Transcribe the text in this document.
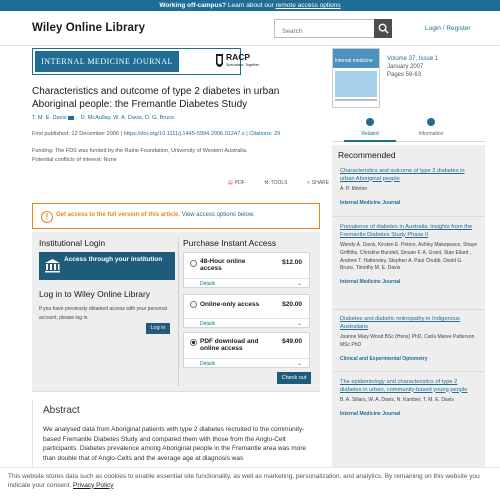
Working off-campus? Learn about our remote access options
Wiley Online Library
Search	Login / Register
INTERNAL MEDICINE JOURNAL	RACP
Specialists. Together
Characteristics and outcome of type 2 diabetes in urban Aboriginal people: the Fremantle Diabetes Study
T. M. E. Davis , D. McAullay, W. A. Davis, D. G. Bruce
First published: 12 December 2006 | https://doi.org/10.1111/j.1445-5994.2006.01247.x | Citations: 29
Funding: The FDS was funded by the Raine Foundation, University of Western Australia.
Potential conflicts of interest: None
▤ PDF	⚒ TOOLS	< SHARE
!	Get access to the full version of this article. View access options below.
Institutional Login
Access through your institution
Log in to Wiley Online Library
If you have previously obtained access with your personal account, please log in.
Log in
Purchase Instant Access
48-Hour online access
$12.00
Details	⌄
Online-only access	$20.00
Details	⌄
PDF download and online access
$49.00
Details	⌄
Check out
Abstract

We analysed data from Aboriginal patients with type 2 diabetes recruited to the community-based Fremantle Diabetes Study and compared them with those from the Anglo-Celt participants. Diabetes prevalence among Aboriginal people in the Fremantle area was more than double that of Anglo-Celts and the average age at diagnosis was

internal medicine Volume 37, Issue 1
January 2007
Pages 59-63
Related	Information
Recommended
Characteristics and outcome of type 2 diabetes in urban Aboriginal people
A. P. Morton
Internal Medicine Journal
Prevalence of diabetes in Australia: insights from the Fremantle Diabetes Study Phase II
Wendy A. Davis, Kirsten E. Peters, Ashley Makepeace, Shaye Griffiths, Christine Bundell, Sinuan F. A. Grant, Stan Ellard , Andrew T. Hattersley, Stephen A. Paul Chubb, David G. Bruce, Timothy M. E. Davis
Internal Medicine Journal
Diabetes and diabetic retinopathy in Indigenous Australians
Joanne Mary Wood BSc (Hons) PhD, Carla Maree Patterson MSc PhD
Clinical and Experimental Optometry
The epidemiology and characteristics of type 2 diabetes in urban, community-based young people
B. A. Sillars, W. A. Davis, N. Kamber, T. M. E. Davis
Internal Medicine Journal

This website stores data such as cookies to enable essential site functionality, as well as marketing, personalization, and analytics. By remaining on this website you indicate your consent. Privacy Policy
